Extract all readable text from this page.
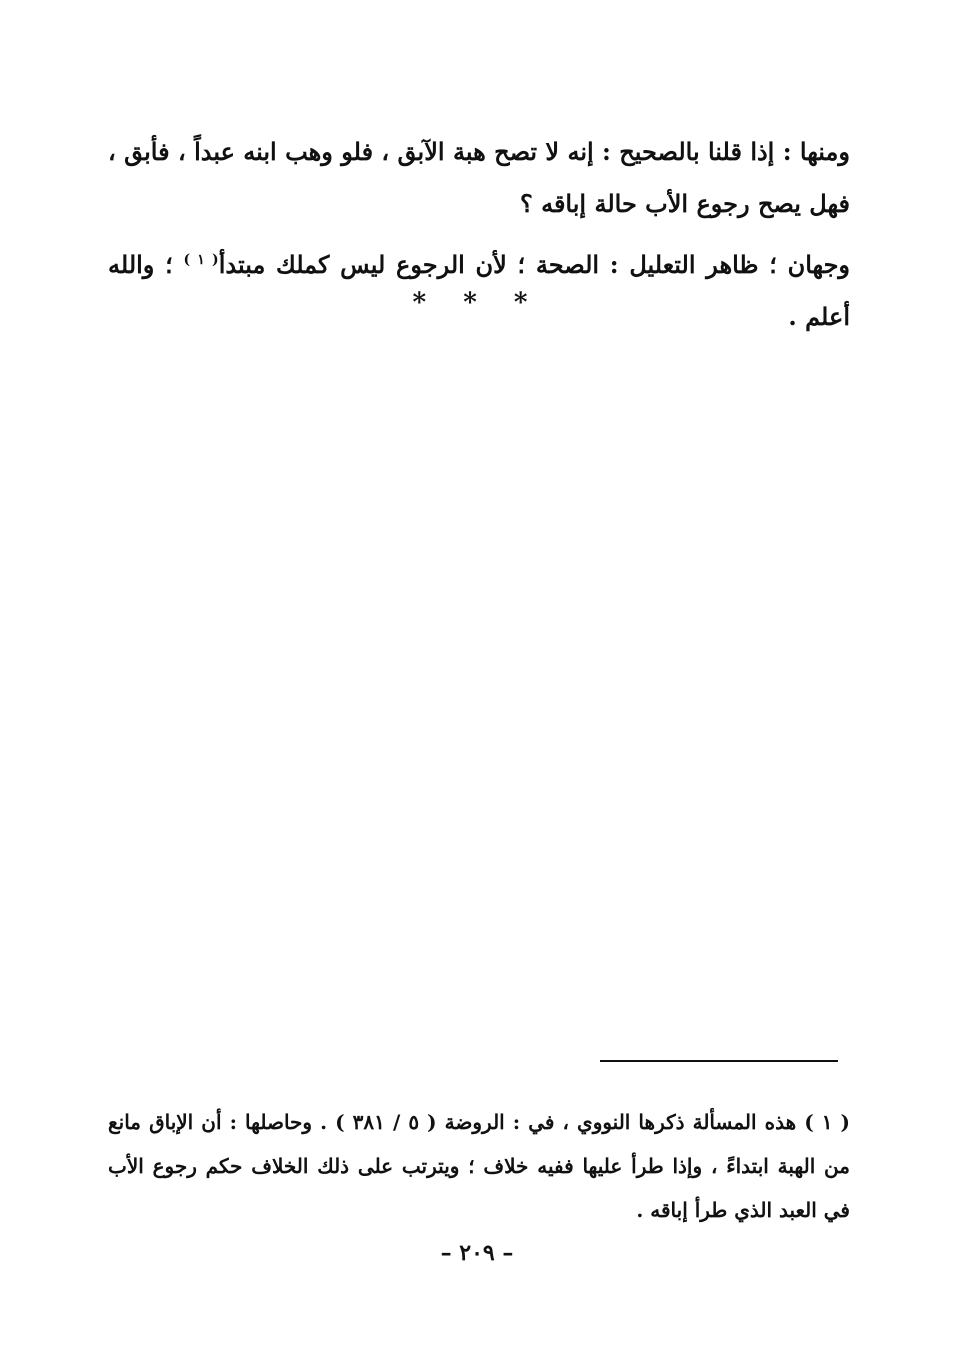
ومنها : إذا قلنا بالصحيح : إنه لا تصح هبة الآبق ، فلو وهب ابنه عبداً ، فأبق ، فهل يصح رجوع الأب حالة إباقه ؟

وجهان ؛ ظاهر التعليل : الصحة ؛ لأن الرجوع ليس كملك مبتدأ$^{( ١ )}$ ؛ والله أعلم .

* * *

( ١ ) هذه المسألة ذكرها النووي ، في : الروضة ( ٥ / ٣٨١ ) . وحاصلها : أن الإباق مانع من الهبة ابتداءً ، وإذا طرأ عليها ففيه خلاف ؛ ويترتب على ذلك الخلاف حكم رجوع الأب في العبد الذي طرأ إباقه .

– ٢٠٩ –
